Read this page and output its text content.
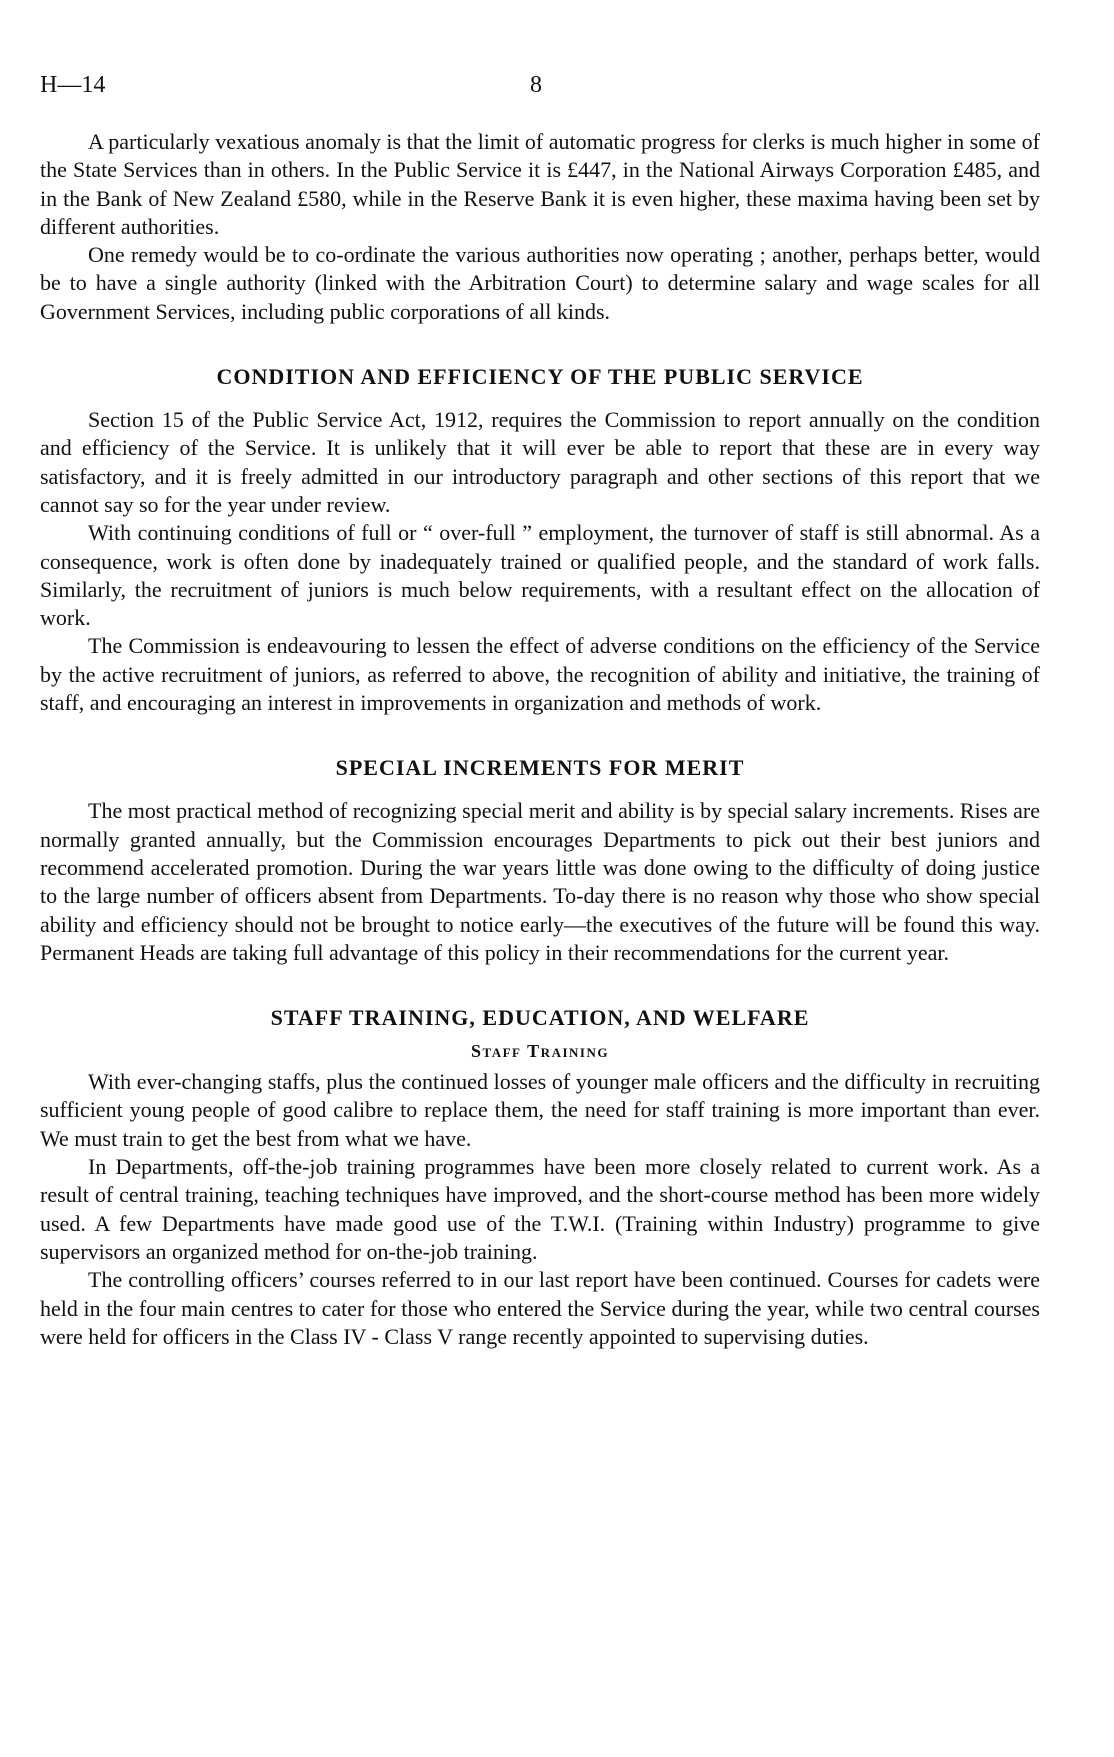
H—14	8

A particularly vexatious anomaly is that the limit of automatic progress for clerks is much higher in some of the State Services than in others. In the Public Service it is £447, in the National Airways Corporation £485, and in the Bank of New Zealand £580, while in the Reserve Bank it is even higher, these maxima having been set by different authorities.

One remedy would be to co-ordinate the various authorities now operating ; another, perhaps better, would be to have a single authority (linked with the Arbitration Court) to determine salary and wage scales for all Government Services, including public corporations of all kinds.

CONDITION AND EFFICIENCY OF THE PUBLIC SERVICE

Section 15 of the Public Service Act, 1912, requires the Commission to report annually on the condition and efficiency of the Service. It is unlikely that it will ever be able to report that these are in every way satisfactory, and it is freely admitted in our introductory paragraph and other sections of this report that we cannot say so for the year under review.

With continuing conditions of full or “ over-full ” employment, the turnover of staff is still abnormal. As a consequence, work is often done by inadequately trained or qualified people, and the standard of work falls. Similarly, the recruitment of juniors is much below requirements, with a resultant effect on the allocation of work.

The Commission is endeavouring to lessen the effect of adverse conditions on the efficiency of the Service by the active recruitment of juniors, as referred to above, the recognition of ability and initiative, the training of staff, and encouraging an interest in improvements in organization and methods of work.

SPECIAL INCREMENTS FOR MERIT

The most practical method of recognizing special merit and ability is by special salary increments. Rises are normally granted annually, but the Commission encourages Departments to pick out their best juniors and recommend accelerated promotion. During the war years little was done owing to the difficulty of doing justice to the large number of officers absent from Departments. To-day there is no reason why those who show special ability and efficiency should not be brought to notice early—the executives of the future will be found this way. Permanent Heads are taking full advantage of this policy in their recommendations for the current year.

STAFF TRAINING, EDUCATION, AND WELFARE
Staff Training

With ever-changing staffs, plus the continued losses of younger male officers and the difficulty in recruiting sufficient young people of good calibre to replace them, the need for staff training is more important than ever. We must train to get the best from what we have.

In Departments, off-the-job training programmes have been more closely related to current work. As a result of central training, teaching techniques have improved, and the short-course method has been more widely used. A few Departments have made good use of the T.W.I. (Training within Industry) programme to give supervisors an organized method for on-the-job training.

The controlling officers’ courses referred to in our last report have been continued. Courses for cadets were held in the four main centres to cater for those who entered the Service during the year, while two central courses were held for officers in the Class IV - Class V range recently appointed to supervising duties.
